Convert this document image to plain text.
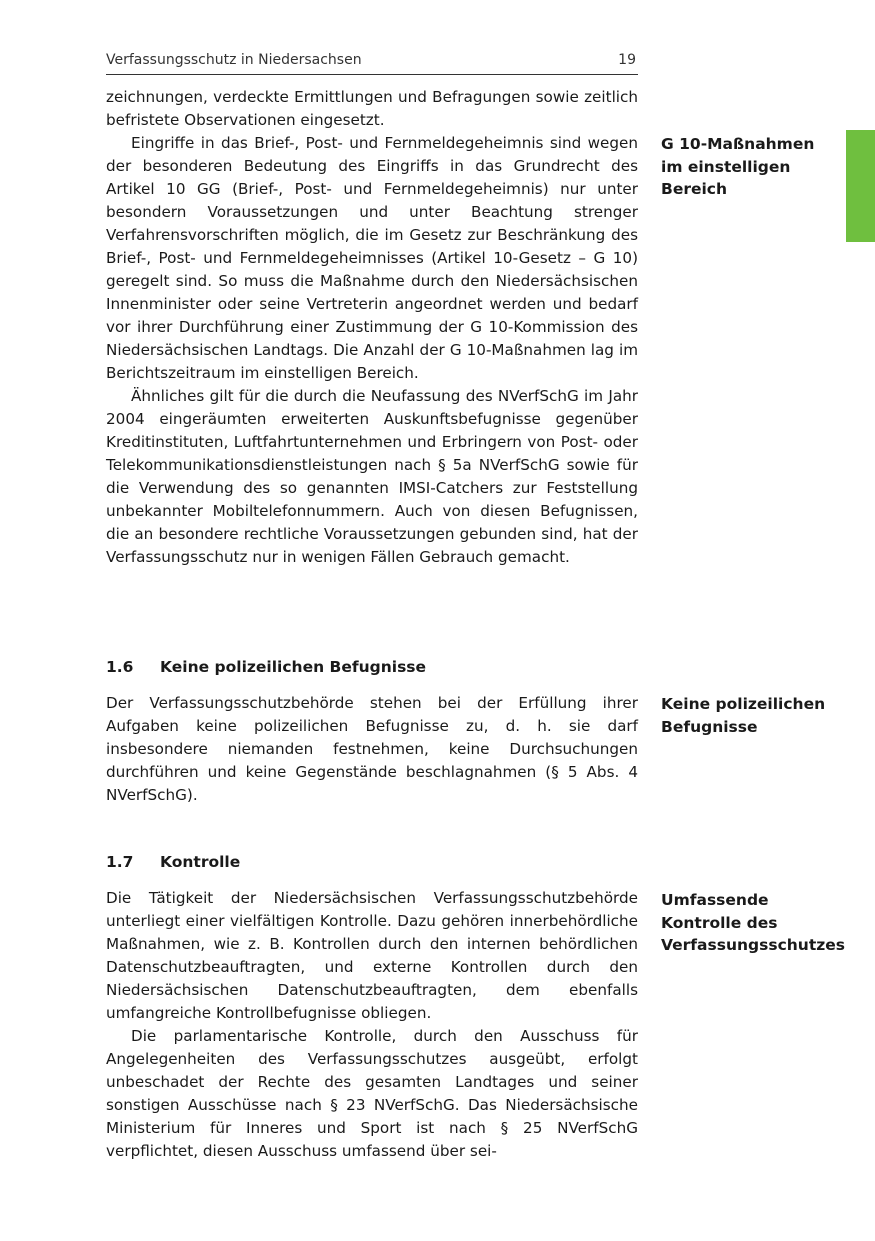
Verfassungsschutz in Niedersachsen	19

zeichnungen, verdeckte Ermittlungen und Befragungen sowie zeitlich befristete Observationen eingesetzt.

Eingriffe in das Brief-, Post- und Fernmeldegeheimnis sind wegen der besonderen Bedeutung des Eingriffs in das Grundrecht des Artikel 10 GG (Brief-, Post- und Fernmeldegeheimnis) nur unter besondern Voraussetzungen und unter Beachtung strenger Verfahrensvorschriften möglich, die im Gesetz zur Beschränkung des Brief-, Post- und Fernmeldegeheimnisses (Artikel 10-Gesetz – G 10) geregelt sind. So muss die Maßnahme durch den Niedersächsischen Innenminister oder seine Vertreterin angeordnet werden und bedarf vor ihrer Durchführung einer Zustimmung der G 10-Kommission des Niedersächsischen Landtags. Die Anzahl der G 10-Maßnahmen lag im Berichtszeitraum im einstelligen Bereich.

Ähnliches gilt für die durch die Neufassung des NVerfSchG im Jahr 2004 eingeräumten erweiterten Auskunftsbefugnisse gegenüber Kreditinstituten, Luftfahrtunternehmen und Erbringern von Post- oder Telekommunikationsdienstleistungen nach § 5a NVerfSchG sowie für die Verwendung des so genannten IMSI-Catchers zur Feststellung unbekannter Mobiltelefonnummern. Auch von diesen Befugnissen, die an besondere rechtliche Voraussetzungen gebunden sind, hat der Verfassungsschutz nur in wenigen Fällen Gebrauch gemacht.

G 10-Maßnahmen im einstelligen Bereich
1.6 Keine polizeilichen Befugnisse

Der Verfassungsschutzbehörde stehen bei der Erfüllung ihrer Aufgaben keine polizeilichen Befugnisse zu, d. h. sie darf insbesondere niemanden festnehmen, keine Durchsuchungen durchführen und keine Gegenstände beschlagnahmen (§ 5 Abs. 4 NVerfSchG).

Keine polizeilichen Befugnisse
1.7 Kontrolle

Die Tätigkeit der Niedersächsischen Verfassungsschutzbehörde unterliegt einer vielfältigen Kontrolle. Dazu gehören innerbehördliche Maßnahmen, wie z. B. Kontrollen durch den internen behördlichen Datenschutzbeauftragten, und externe Kontrollen durch den Niedersächsischen Datenschutzbeauftragten, dem ebenfalls umfangreiche Kontrollbefugnisse obliegen.

Die parlamentarische Kontrolle, durch den Ausschuss für Angelegenheiten des Verfassungsschutzes ausgeübt, erfolgt unbeschadet der Rechte des gesamten Landtages und seiner sonstigen Ausschüsse nach § 23 NVerfSchG. Das Niedersächsische Ministerium für Inneres und Sport ist nach § 25 NVerfSchG verpflichtet, diesen Ausschuss umfassend über sei-

Umfassende Kontrolle des Verfassungsschutzes
